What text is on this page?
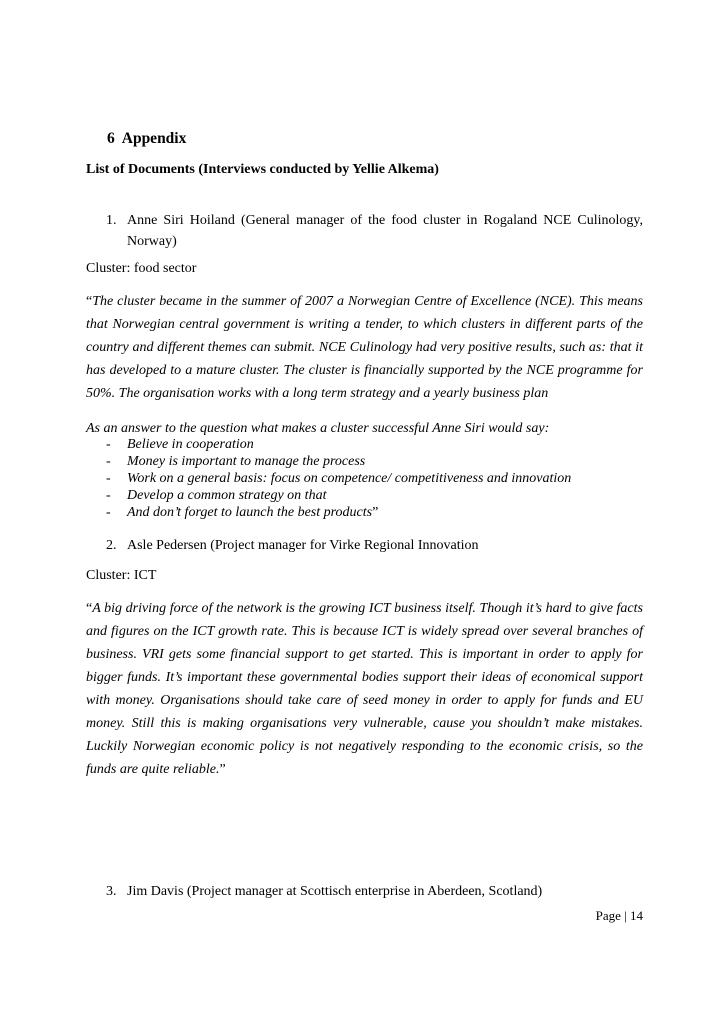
6 Appendix
List of Documents (Interviews conducted by Yellie Alkema)
1. Anne Siri Hoiland (General manager of the food cluster in Rogaland NCE Culinology, Norway)
Cluster: food sector
“The cluster became in the summer of 2007 a Norwegian Centre of Excellence (NCE). This means that Norwegian central government is writing a tender, to which clusters in different parts of the country and different themes can submit. NCE Culinology had very positive results, such as: that it has developed to a mature cluster. The cluster is financially supported by the NCE programme for 50%. The organisation works with a long term strategy and a yearly business plan
As an answer to the question what makes a cluster successful Anne Siri would say:
- Believe in cooperation
- Money is important to manage the process
- Work on a general basis: focus on competence/ competitiveness and innovation
- Develop a common strategy on that
- And don’t forget to launch the best products”
2. Asle Pedersen (Project manager for Virke Regional Innovation
Cluster: ICT
“A big driving force of the network is the growing ICT business itself. Though it’s hard to give facts and figures on the ICT growth rate. This is because ICT is widely spread over several branches of business. VRI gets some financial support to get started. This is important in order to apply for bigger funds. It’s important these governmental bodies support their ideas of economical support with money. Organisations should take care of seed money in order to apply for funds and EU money. Still this is making organisations very vulnerable, cause you shouldn’t make mistakes. Luckily Norwegian economic policy is not negatively responding to the economic crisis, so the funds are quite reliable.”
3. Jim Davis (Project manager at Scottisch enterprise in Aberdeen, Scotland)
Page | 14
